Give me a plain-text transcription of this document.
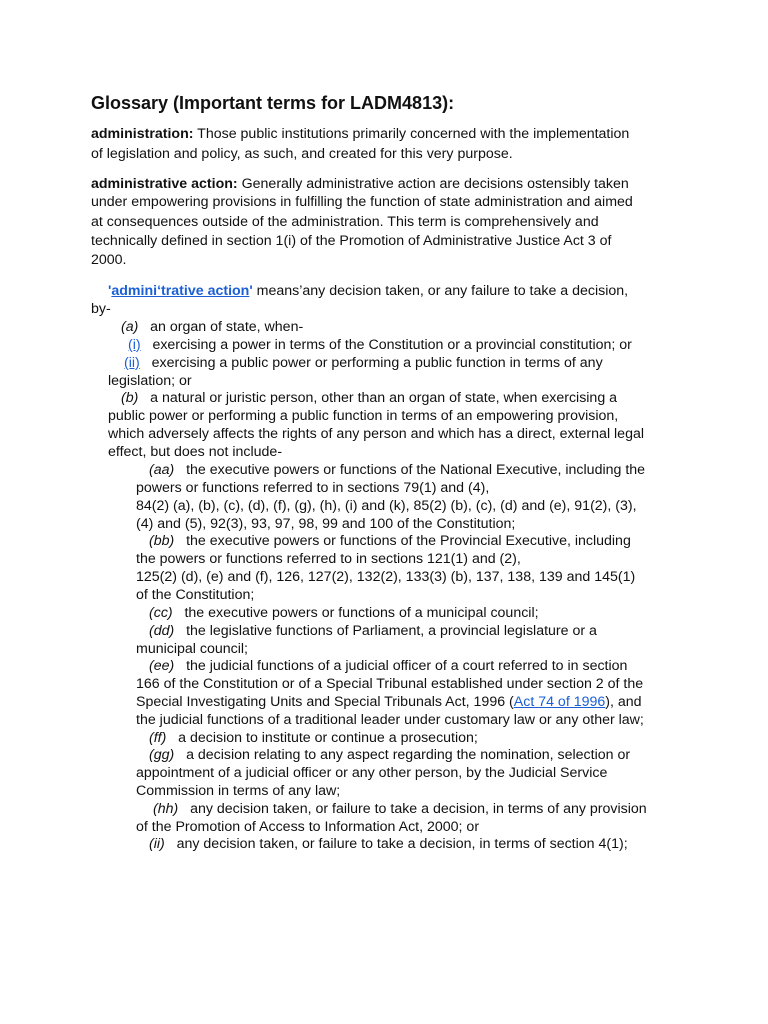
Glossary (Important terms for LADM4813):
administration: Those public institutions primarily concerned with the implementation
of legislation and policy, as such, and created for this very purpose.
administrative action: Generally administrative action are decisions ostensibly taken
under empowering provisions in fulfilling the function of state administration and aimed
at consequences outside of the administration. This term is comprehensively and
technically defined in section 1(i) of the Promotion of Administrative Justice Act 3 of
2000.
'admini‘trative action' means’any decision taken, or any failure to take a decision,
by-
(a) an organ of state, when-
(i) exercising a power in terms of the Constitution or a provincial constitution; or
(ii) exercising a public power or performing a public function in terms of any
legislation; or
(b) a natural or juristic person, other than an organ of state, when exercising a
public power or performing a public function in terms of an empowering provision,
which adversely affects the rights of any person and which has a direct, external legal
effect, but does not include-
(aa) the executive powers or functions of the National Executive, including the
powers or functions referred to in sections 79(1) and (4),
84(2) (a), (b), (c), (d), (f), (g), (h), (i) and (k), 85(2) (b), (c), (d) and (e), 91(2), (3),
(4) and (5), 92(3), 93, 97, 98, 99 and 100 of the Constitution;
(bb) the executive powers or functions of the Provincial Executive, including
the powers or functions referred to in sections 121(1) and (2),
125(2) (d), (e) and (f), 126, 127(2), 132(2), 133(3) (b), 137, 138, 139 and 145(1)
of the Constitution;
(cc) the executive powers or functions of a municipal council;
(dd) the legislative functions of Parliament, a provincial legislature or a
municipal council;
(ee) the judicial functions of a judicial officer of a court referred to in section
166 of the Constitution or of a Special Tribunal established under section 2 of the
Special Investigating Units and Special Tribunals Act, 1996 (Act 74 of 1996), and
the judicial functions of a traditional leader under customary law or any other law;
(ff) a decision to institute or continue a prosecution;
(gg) a decision relating to any aspect regarding the nomination, selection or
appointment of a judicial officer or any other person, by the Judicial Service
Commission in terms of any law;
(hh) any decision taken, or failure to take a decision, in terms of any provision
of the Promotion of Access to Information Act, 2000; or
(ii) any decision taken, or failure to take a decision, in terms of section 4(1);
